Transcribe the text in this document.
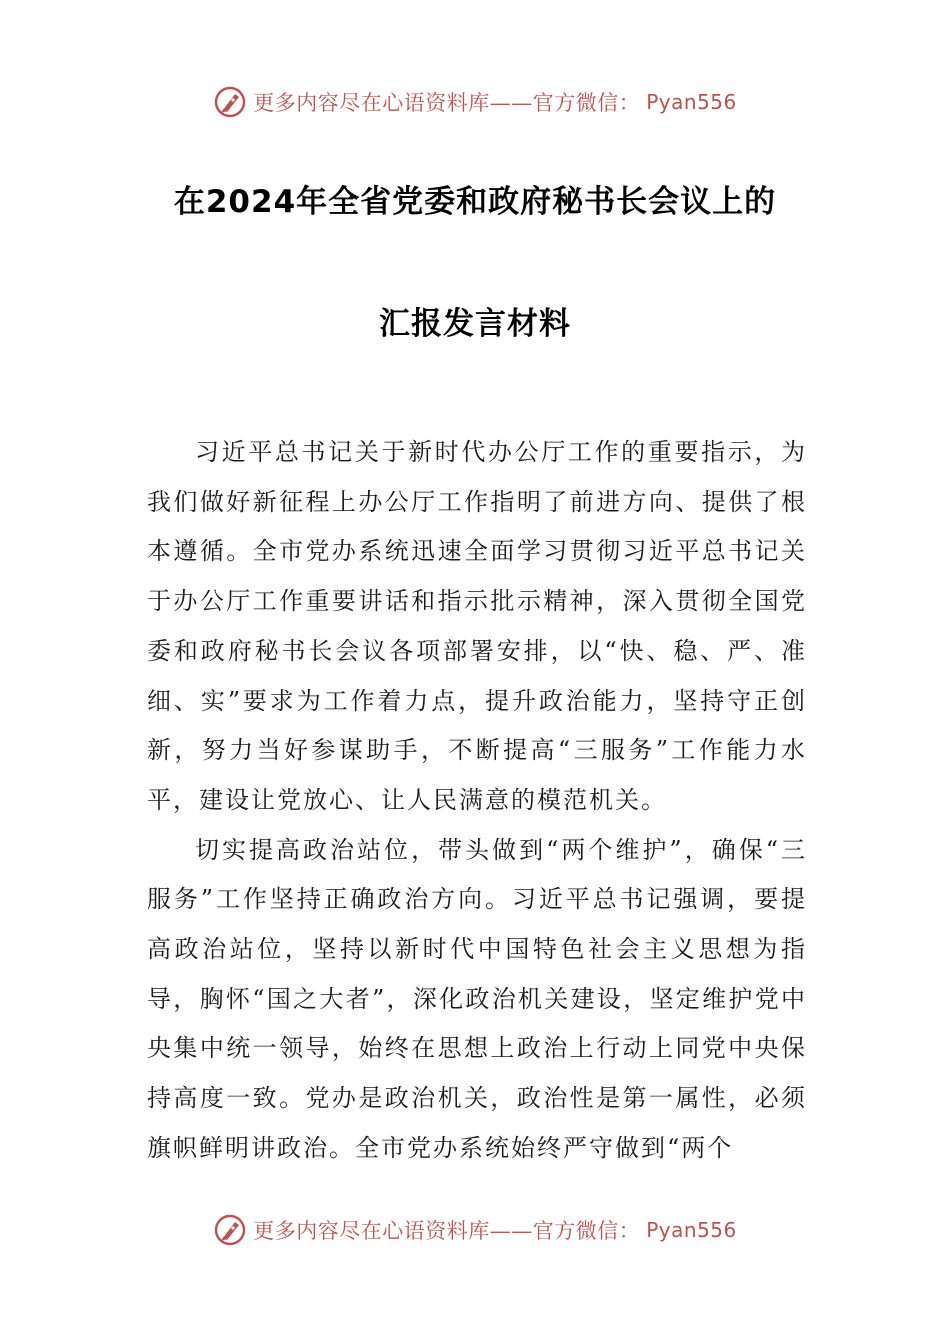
更多内容尽在心语资料库——官方微信： Pyan556
在2024年全省党委和政府秘书长会议上的
汇报发言材料

习近平总书记关于新时代办公厅工作的重要指示，为我们做好新征程上办公厅工作指明了前进方向、提供了根本遵循。全市党办系统迅速全面学习贯彻习近平总书记关于办公厅工作重要讲话和指示批示精神，深入贯彻全国党委和政府秘书长会议各项部署安排，以“快、稳、严、准细、实”要求为工作着力点，提升政治能力，坚持守正创新，努力当好参谋助手，不断提高“三服务”工作能力水平，建设让党放心、让人民满意的模范机关。

切实提高政治站位，带头做到“两个维护”，确保“三服务”工作坚持正确政治方向。习近平总书记强调，要提高政治站位，坚持以新时代中国特色社会主义思想为指导，胸怀“国之大者”，深化政治机关建设，坚定维护党中央集中统一领导，始终在思想上政治上行动上同党中央保持高度一致。党办是政治机关，政治性是第一属性，必须旗帜鲜明讲政治。全市党办系统始终严守做到“两个

更多内容尽在心语资料库——官方微信： Pyan556
